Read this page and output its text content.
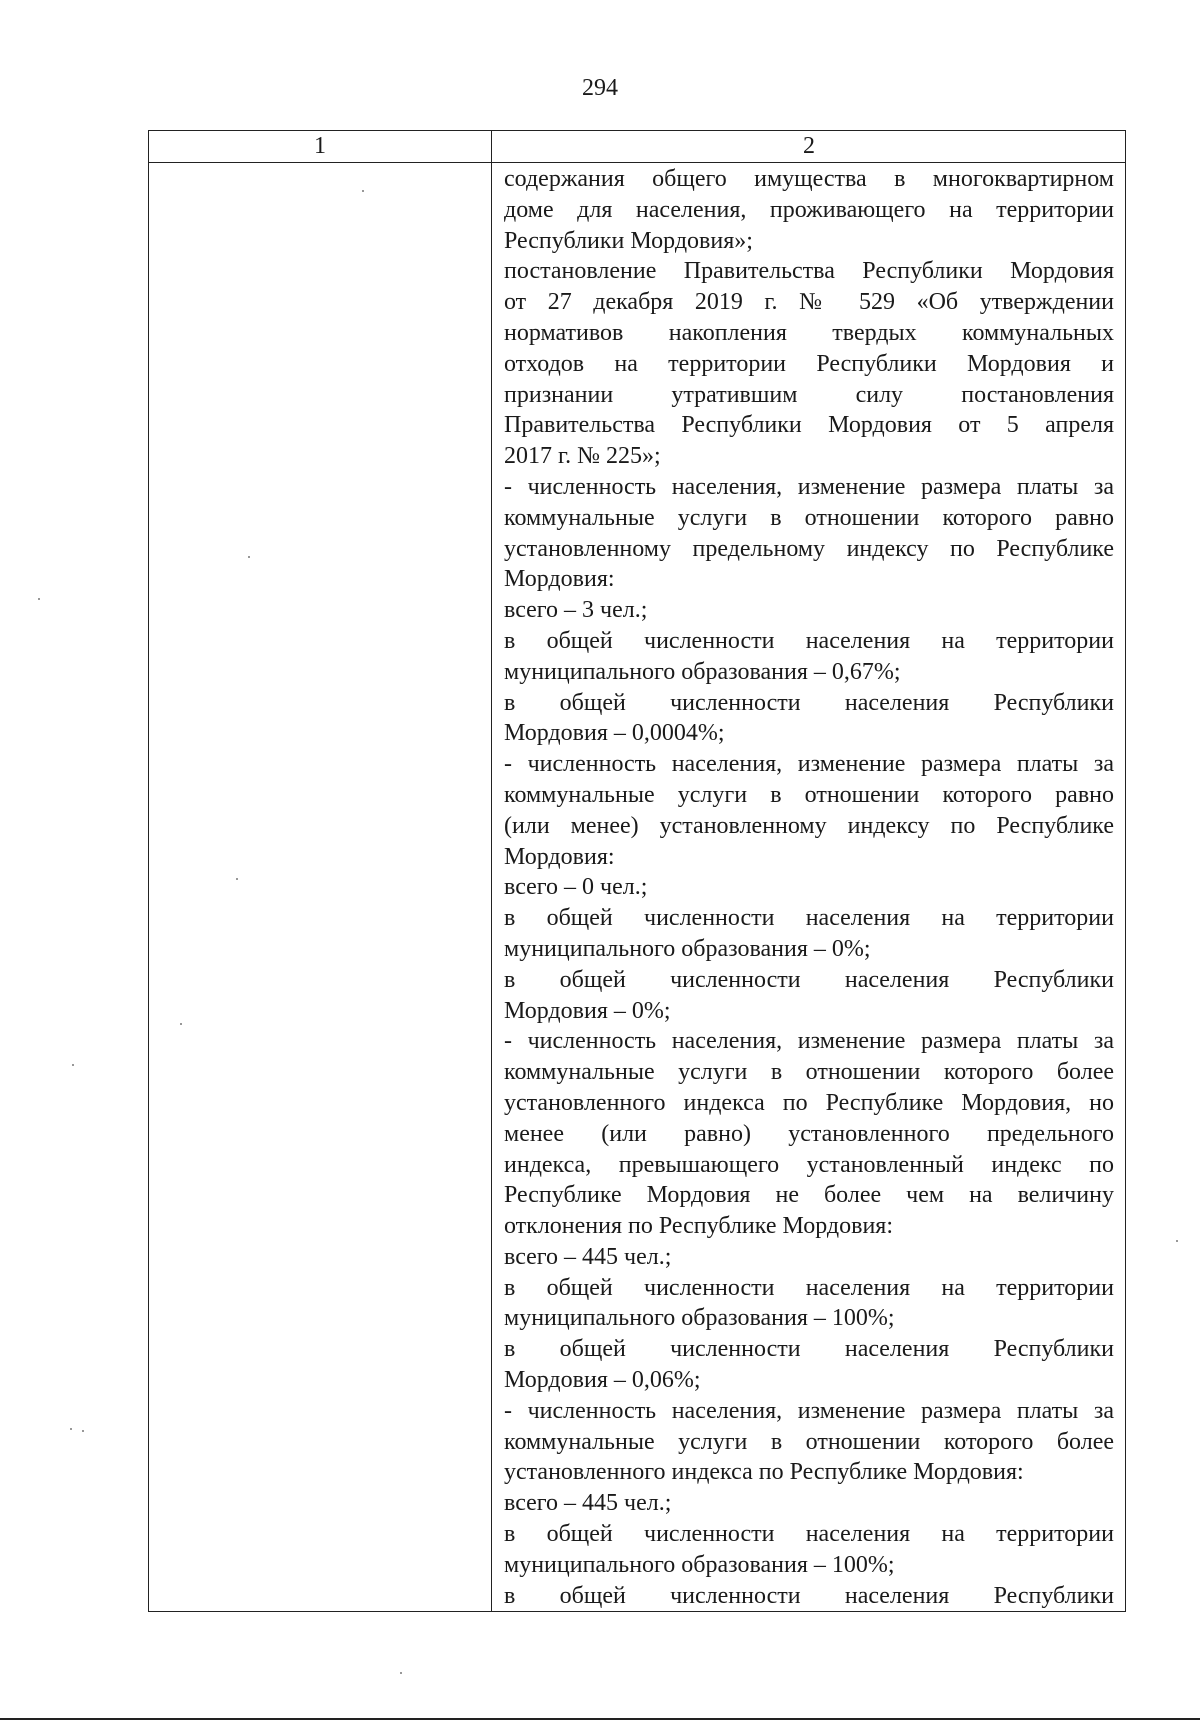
294
1	2
содержания общего имущества в многоквартирном
доме для населения, проживающего на территории
Республики Мордовия»;
постановление Правительства Республики Мордовия
от 27 декабря 2019 г. № 529 «Об утверждении
нормативов накопления твердых коммунальных
отходов на территории Республики Мордовия и
признании утратившим силу постановления
Правительства Республики Мордовия от 5 апреля
2017 г. № 225»;
- численность населения, изменение размера платы за
коммунальные услуги в отношении которого равно
установленному предельному индексу по Республике
Мордовия:
всего – 3 чел.;
в общей численности населения на территории
муниципального образования – 0,67%;
в общей численности населения Республики
Мордовия – 0,0004%;
- численность населения, изменение размера платы за
коммунальные услуги в отношении которого равно
(или менее) установленному индексу по Республике
Мордовия:
всего – 0 чел.;
в общей численности населения на территории
муниципального образования – 0%;
в общей численности населения Республики
Мордовия – 0%;
- численность населения, изменение размера платы за
коммунальные услуги в отношении которого более
установленного индекса по Республике Мордовия, но
менее (или равно) установленного предельного
индекса, превышающего установленный индекс по
Республике Мордовия не более чем на величину
отклонения по Республике Мордовия:
всего – 445 чел.;
в общей численности населения на территории
муниципального образования – 100%;
в общей численности населения Республики
Мордовия – 0,06%;
- численность населения, изменение размера платы за
коммунальные услуги в отношении которого более
установленного индекса по Республике Мордовия:
всего – 445 чел.;
в общей численности населения на территории
муниципального образования – 100%;
в общей численности населения Республики
